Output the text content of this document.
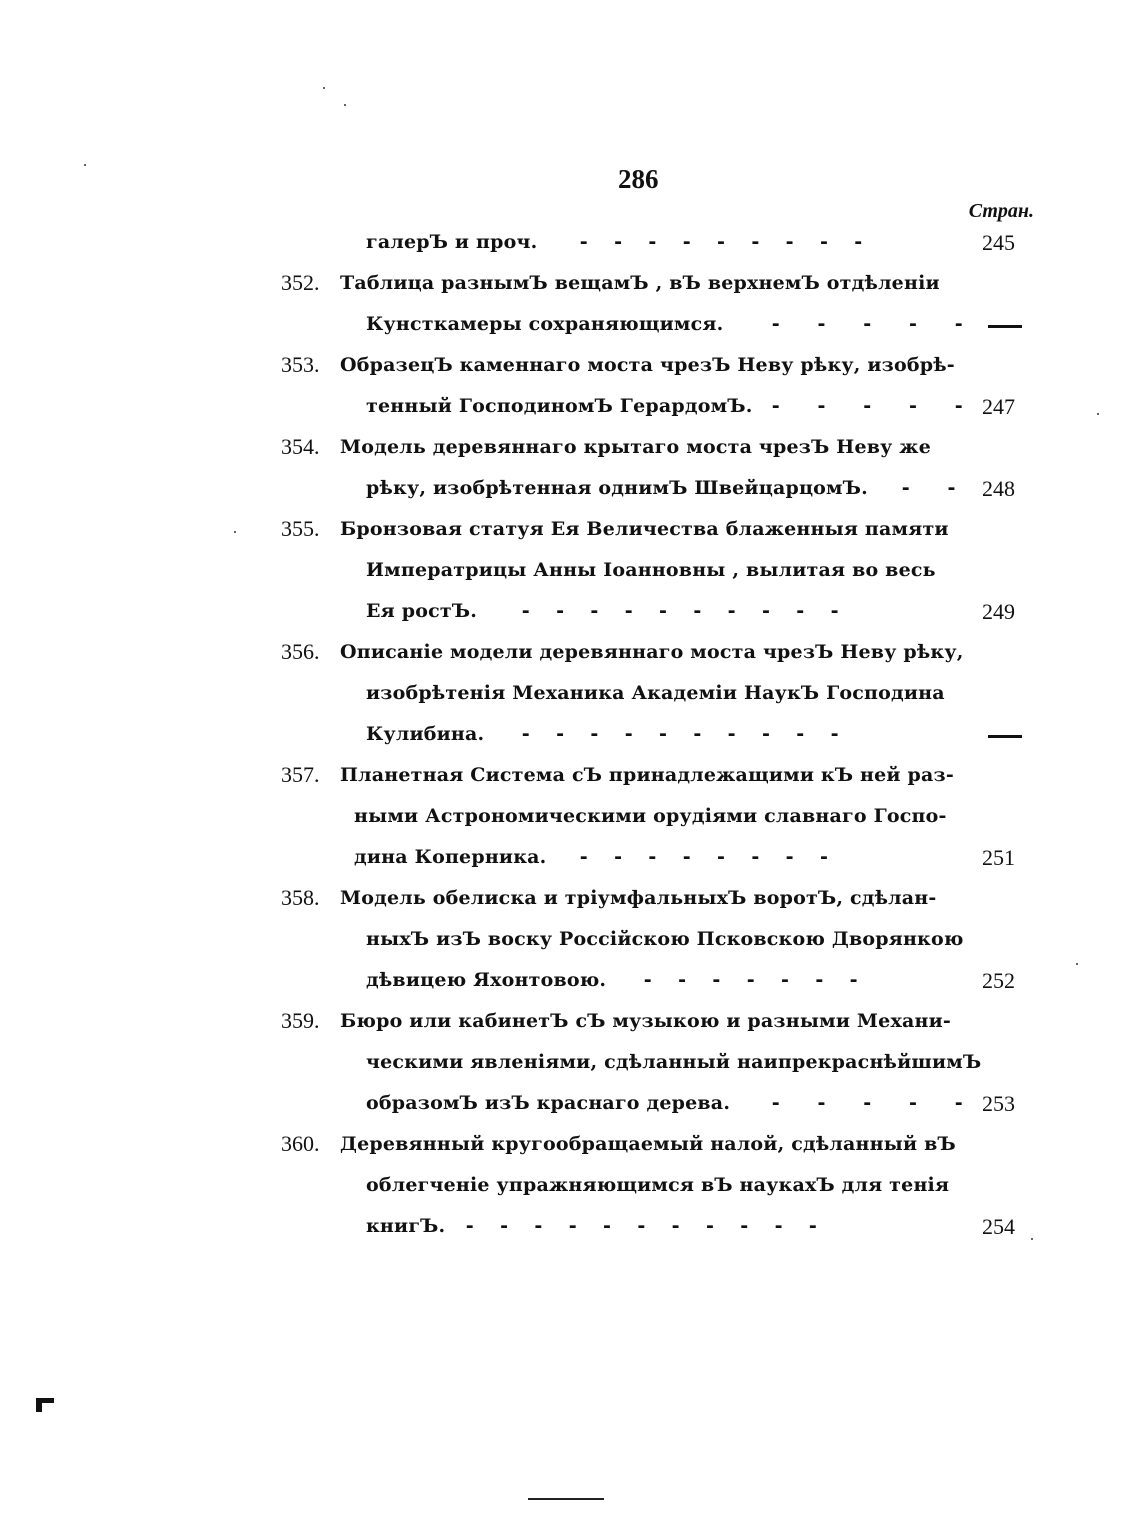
286
Стран.
галерЪ и проч. -  -  -  -  -  -  -  -  -	245
352. Таблица разнымЪ вещамЪ , вЪ верхнемЪ отдѣленіи
Кунсткамеры сохраняющимся. -   -   -   -   -
353. ОбразецЪ каменнаго моста чрезЪ Неву рѣку, изобрѣ-
тенный ГосподиномЪ ГерардомЪ. -   -   -   -   - 247
354. Модель деревяннаго крытаго моста чрезЪ Неву же
рѣку, изобрѣтенная однимЪ ШвейцарцомЪ. -   - 248
355. Бронзовая статуя Ея Величества блаженныя памяти
Императрицы Анны Іоанновны , вылитая во весь
Ея ростЪ. -  -  -  -  -  -  -  -  -  -	249
356. Описаніе модели деревяннаго моста чрезЪ Неву рѣку,
изобрѣтенія Механика Академіи НаукЪ Господина
Кулибина. -  -  -  -  -  -  -  -  -  -
357. Планетная Система сЪ принадлежащими кЪ ней раз-
ными Астрономическими орудіями славнаго Госпо-
дина Коперника. -  -  -  -  -  -  -  -	251
358. Модель обелиска и тріумфальныхЪ воротЪ, сдѣлан-
ныхЪ изЪ воску Россійскою Псковскою Дворянкою
дѣвицею Яхонтовою. -  -  -  -  -  -  -	252
359. Бюро или кабинетЪ сЪ музыкою и разными Механи-
ческими явленіями, сдѣланный наипрекраснѣйшимЪ
образомЪ изЪ краснаго дерева. -   -   -   -   - 253
360. Деревянный кругообращаемый налой, сдѣланный вЪ
облегченіе упражняющимся вЪ наукахЪ для тенія
книгЪ. -  -  -  -  -  -  -  -  -  -  -	254
